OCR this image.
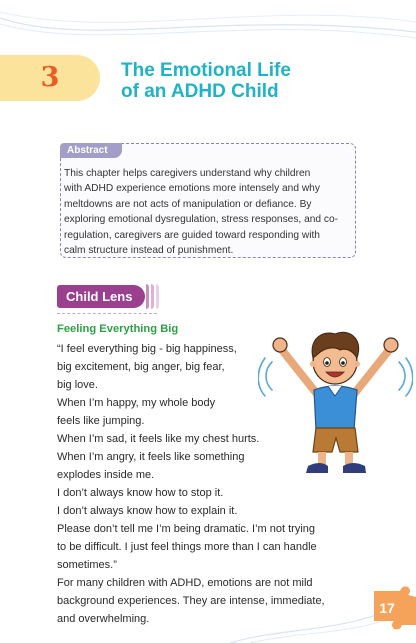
3	The Emotional Life
of an ADHD Child
Abstract
This chapter helps caregivers understand why children
with ADHD experience emotions more intensely and why
meltdowns are not acts of manipulation or defiance. By
exploring emotional dysregulation, stress responses, and co-
regulation, caregivers are guided toward responding with
calm structure instead of punishment.
Child Lens
Feeling Everything Big
“I feel everything big - big happiness,
big excitement, big anger, big fear,
big love.
When I’m happy, my whole body
feels like jumping.
When I’m sad, it feels like my chest hurts.
When I’m angry, it feels like something
explodes inside me.
I don’t always know how to stop it.
I don’t always know how to explain it.
Please don’t tell me I’m being dramatic. I’m not trying
to be difficult. I just feel things more than I can handle
sometimes.”
For many children with ADHD, emotions are not mild
background experiences. They are intense, immediate,
and overwhelming.
17
